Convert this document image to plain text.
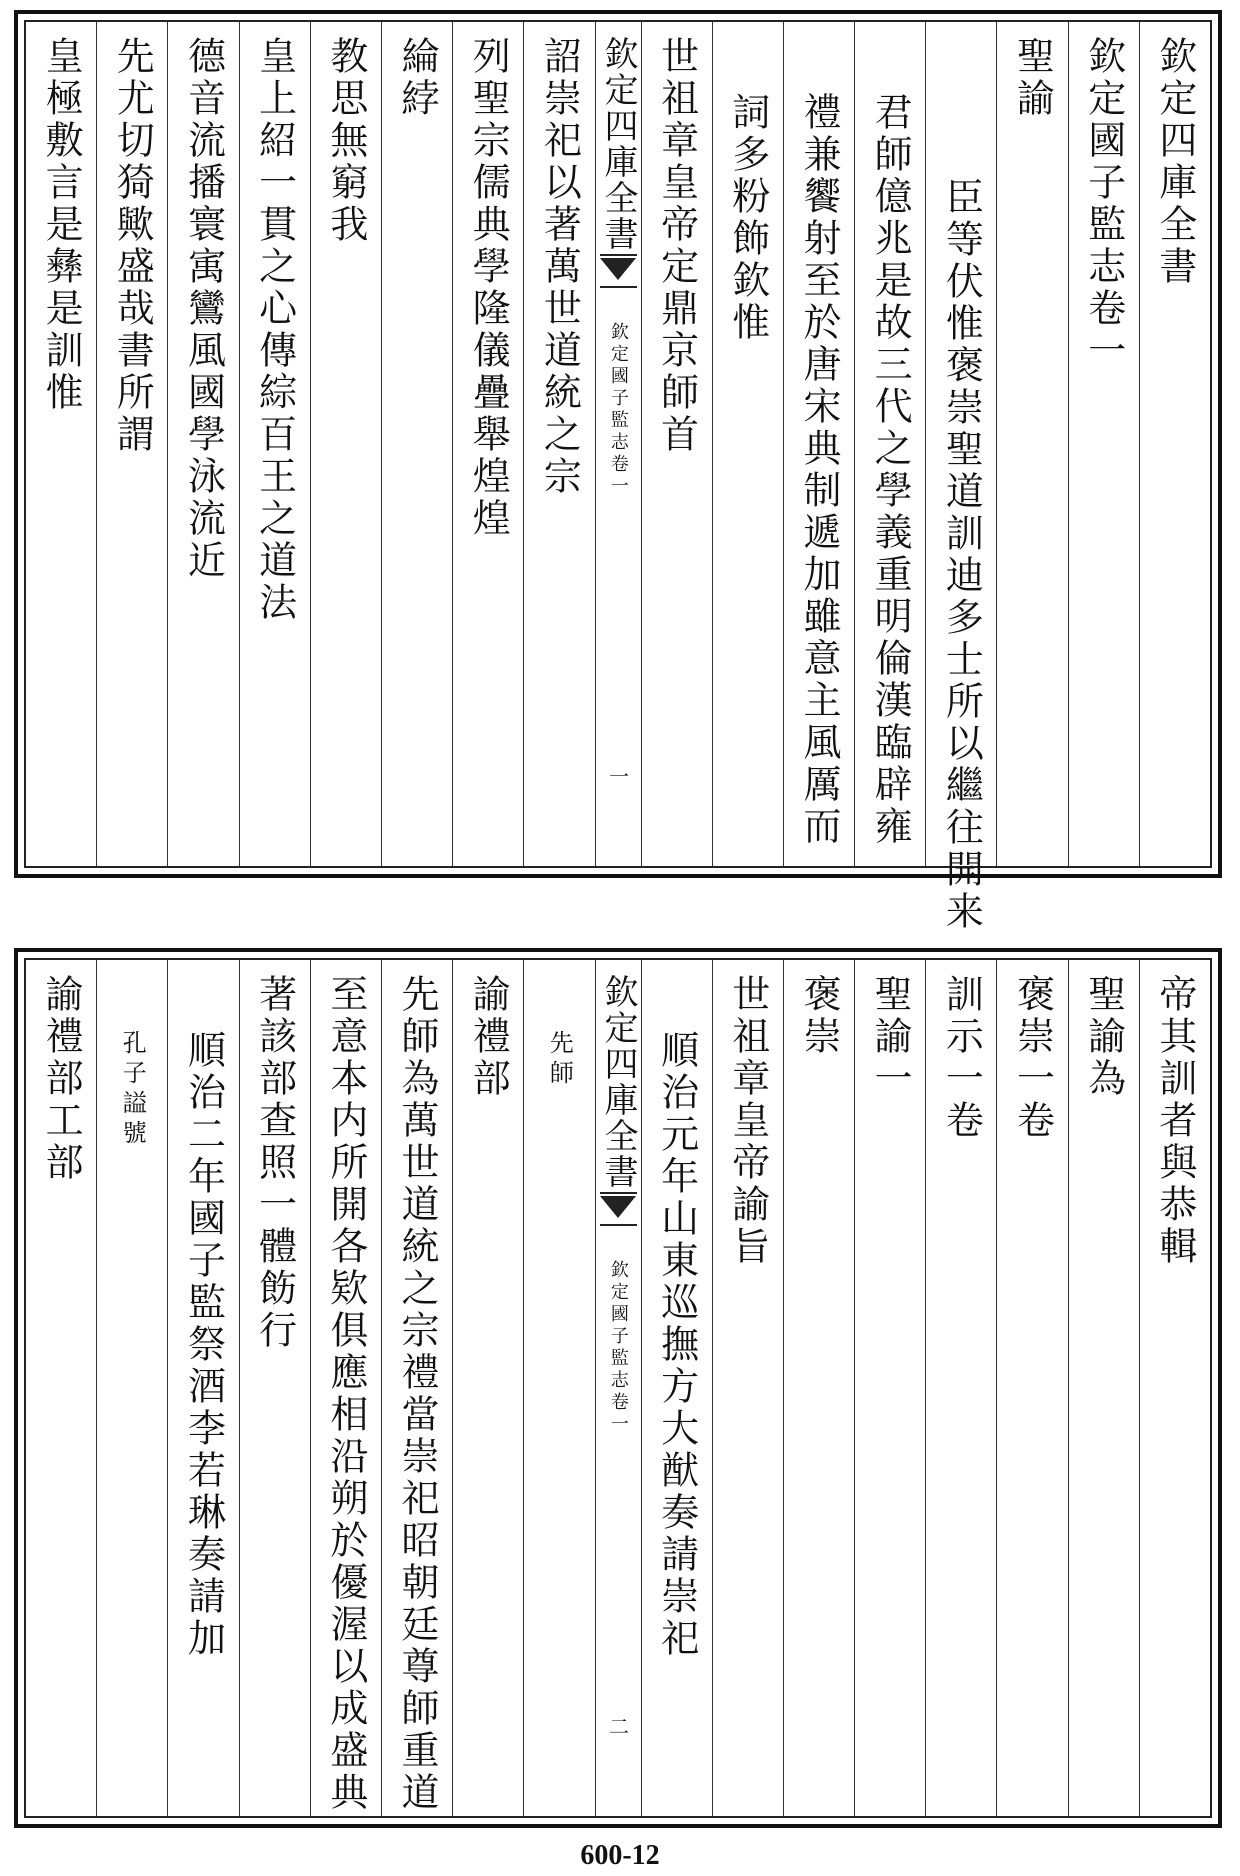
欽定四庫全書
欽定國子監志卷一
聖諭
臣等伏惟褒崇聖道訓迪多士所以繼往開来
君師億兆是故三代之學義重明倫漢臨辟雍
禮兼饗射至於唐宋典制遞加雖意主風厲而
詞多粉飾欽惟
世祖章皇帝定鼎京師首
欽定四庫全書
欽定國子監志
卷一
一
詔崇祀以著萬世道統之宗
列聖宗儒典學隆儀疊舉煌煌
綸綍
教思無窮我
皇上紹一貫之心傳綜百王之道法
德音流播寰㝢鸞風國學泳流近
先尤切猗歟盛哉書所謂
皇極敷言是彝是訓惟
帝其訓者與恭輯
聖諭為
褒崇一卷
訓示一卷
聖諭一
褒崇
世祖章皇帝諭旨
順治元年山東巡撫方大猷奏請崇祀
欽定四庫全書
欽定國子監志
卷一
二
先師
諭禮部
先師為萬世道統之宗禮當崇祀昭朝廷尊師重道
至意本内所開各欵俱應相沿朔於優渥以成盛典
著該部查照一體飭行
順治二年國子監祭酒李若琳奏請加
孔子謚號
諭禮部工部
600-12
